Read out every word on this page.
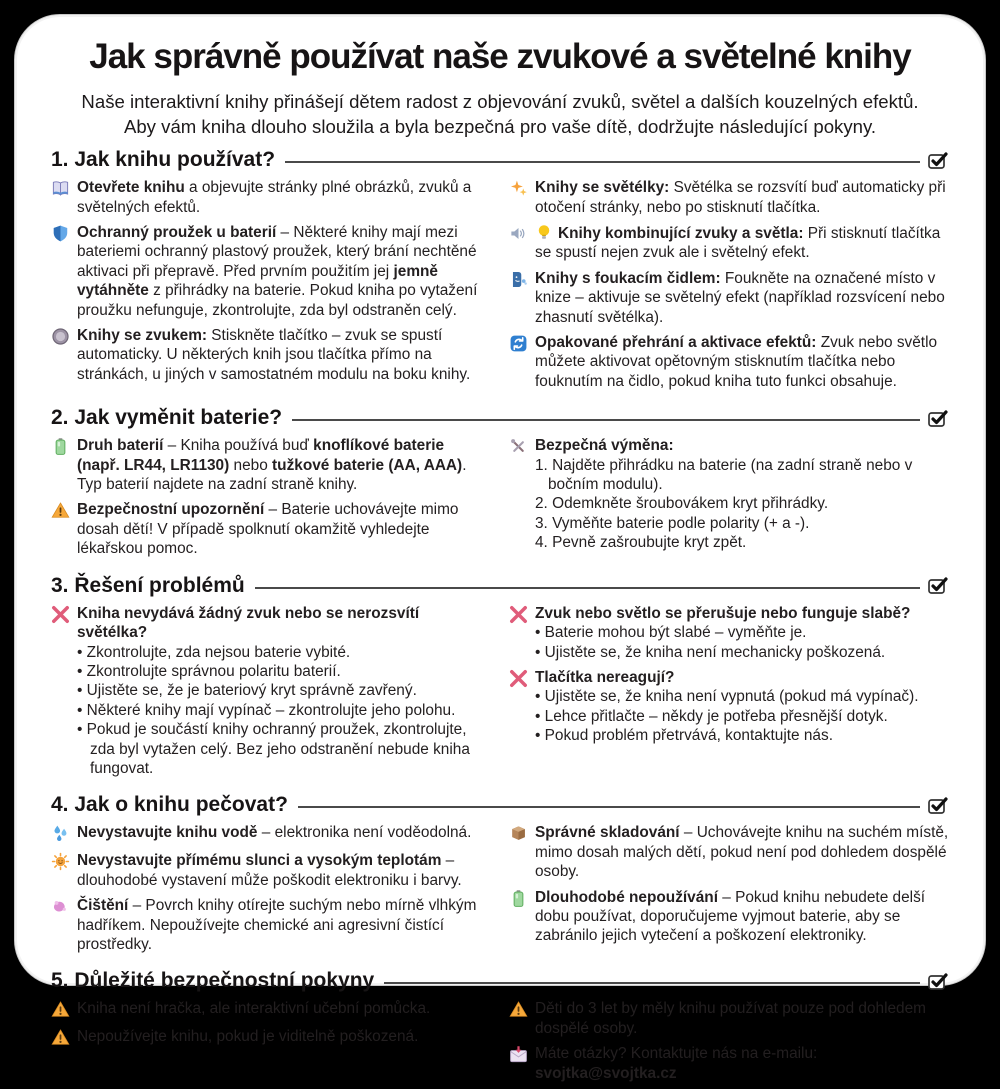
Jak správně používat naše zvukové a světelné knihy
Naše interaktivní knihy přinášejí dětem radost z objevování zvuků, světel a dalších kouzelných efektů.
Aby vám kniha dlouho sloužila a byla bezpečná pro vaše dítě, dodržujte následující pokyny.
1. Jak knihu používat?
Otevřete knihu a objevujte stránky plné obrázků, zvuků a světelných efektů.
Ochranný proužek u baterií – Některé knihy mají mezi bateriemi ochranný plastový proužek, který brání nechtěné aktivaci při přepravě. Před prvním použitím jej jemně vytáhněte z přihrádky na baterie. Pokud kniha po vytažení proužku nefunguje, zkontrolujte, zda byl odstraněn celý.
Knihy se zvukem: Stiskněte tlačítko – zvuk se spustí automaticky. U některých knih jsou tlačítka přímo na stránkách, u jiných v samostatném modulu na boku knihy.
Knihy se světélky: Světélka se rozsvítí buď automaticky při otočení stránky, nebo po stisknutí tlačítka.
Knihy kombinující zvuky a světla: Při stisknutí tlačítka se spustí nejen zvuk ale i světelný efekt.
Knihy s foukacím čidlem: Foukněte na označené místo v knize – aktivuje se světelný efekt (například rozsvícení nebo zhasnutí světélka).
Opakované přehrání a aktivace efektů: Zvuk nebo světlo můžete aktivovat opětovným stisknutím tlačítka nebo fouknutím na čidlo, pokud kniha tuto funkci obsahuje.
2. Jak vyměnit baterie?
Druh baterií – Kniha používá buď knoflíkové baterie (např. LR44, LR1130) nebo tužkové baterie (AA, AAA). Typ baterií najdete na zadní straně knihy.
Bezpečnostní upozornění – Baterie uchovávejte mimo dosah dětí! V případě spolknutí okamžitě vyhledejte lékařskou pomoc.
Bezpečná výměna:
1. Najděte přihrádku na baterie (na zadní straně nebo v bočním modulu).
2. Odemkněte šroubovákem kryt přihrádky.
3. Vyměňte baterie podle polarity (+ a -).
4. Pevně zašroubujte kryt zpět.
3. Řešení problémů
Kniha nevydává žádný zvuk nebo se nerozsvítí světélka?
• Zkontrolujte, zda nejsou baterie vybité.
• Zkontrolujte správnou polaritu baterií.
• Ujistěte se, že je bateriový kryt správně zavřený.
• Některé knihy mají vypínač – zkontrolujte jeho polohu.
• Pokud je součástí knihy ochranný proužek, zkontrolujte, zda byl vytažen celý. Bez jeho odstranění nebude kniha fungovat.
Zvuk nebo světlo se přerušuje nebo funguje slabě?
• Baterie mohou být slabé – vyměňte je.
• Ujistěte se, že kniha není mechanicky poškozená.
Tlačítka nereagují?
• Ujistěte se, že kniha není vypnutá (pokud má vypínač).
• Lehce přitlačte – někdy je potřeba přesnější dotyk.
• Pokud problém přetrvává, kontaktujte nás.
4. Jak o knihu pečovat?
Nevystavujte knihu vodě – elektronika není voděodolná.
Nevystavujte přímému slunci a vysokým teplotám – dlouhodobé vystavení může poškodit elektroniku i barvy.
Čištění – Povrch knihy otírejte suchým nebo mírně vlhkým hadříkem. Nepoužívejte chemické ani agresivní čistící prostředky.
Správné skladování – Uchovávejte knihu na suchém místě, mimo dosah malých dětí, pokud není pod dohledem dospělé osoby.
Dlouhodobé nepoužívání – Pokud knihu nebudete delší dobu používat, doporučujeme vyjmout baterie, aby se zabránilo jejich vytečení a poškození elektroniky.
5. Důležité bezpečnostní pokyny
Kniha není hračka, ale interaktivní učební pomůcka.
Nepoužívejte knihu, pokud je viditelně poškozená.
Děti do 3 let by měly knihu používat pouze pod dohledem dospělé osoby.
Máte otázky? Kontaktujte nás na e-mailu: svojtka@svojtka.cz
